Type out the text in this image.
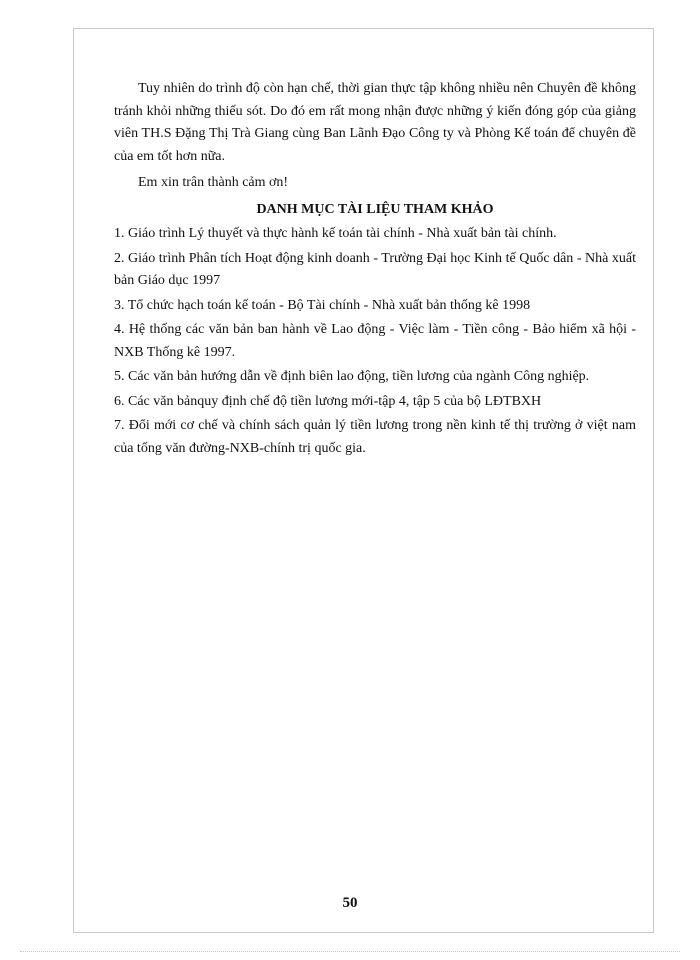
Tuy nhiên do trình độ còn hạn chế, thời gian thực tập không nhiều nên Chuyên đề không tránh khỏi những thiếu sót. Do đó em rất mong nhận được những ý kiến đóng góp của giảng viên TH.S Đặng Thị Trà Giang cùng Ban Lãnh Đạo Công ty và Phòng Kế toán để chuyên đề của em tốt hơn nữa.

Em xin trân thành cảm ơn!

DANH MỤC TÀI LIỆU THAM KHẢO
1. Giáo trình Lý thuyết và thực hành kế toán tài chính - Nhà xuất bản tài chính.
2. Giáo trình Phân tích Hoạt động kinh doanh - Trường Đại học Kinh tế Quốc dân - Nhà xuất bản Giáo dục 1997
3. Tổ chức hạch toán kế toán - Bộ Tài chính - Nhà xuất bản thống kê 1998
4. Hệ thống các văn bản ban hành về Lao động - Việc làm - Tiền công - Bảo hiểm xã hội - NXB Thống kê 1997.
5. Các văn bản hướng dẫn về định biên lao động, tiền lương của ngành Công nghiệp.
6. Các văn bảnquy định chế độ tiền lương mới-tập 4, tập 5 của bộ LĐTBXH
7. Đổi mới cơ chế và chính sách quản lý tiền lương trong nền kinh tế thị trường ở việt nam của tống văn đường-NXB-chính trị quốc gia.
50
